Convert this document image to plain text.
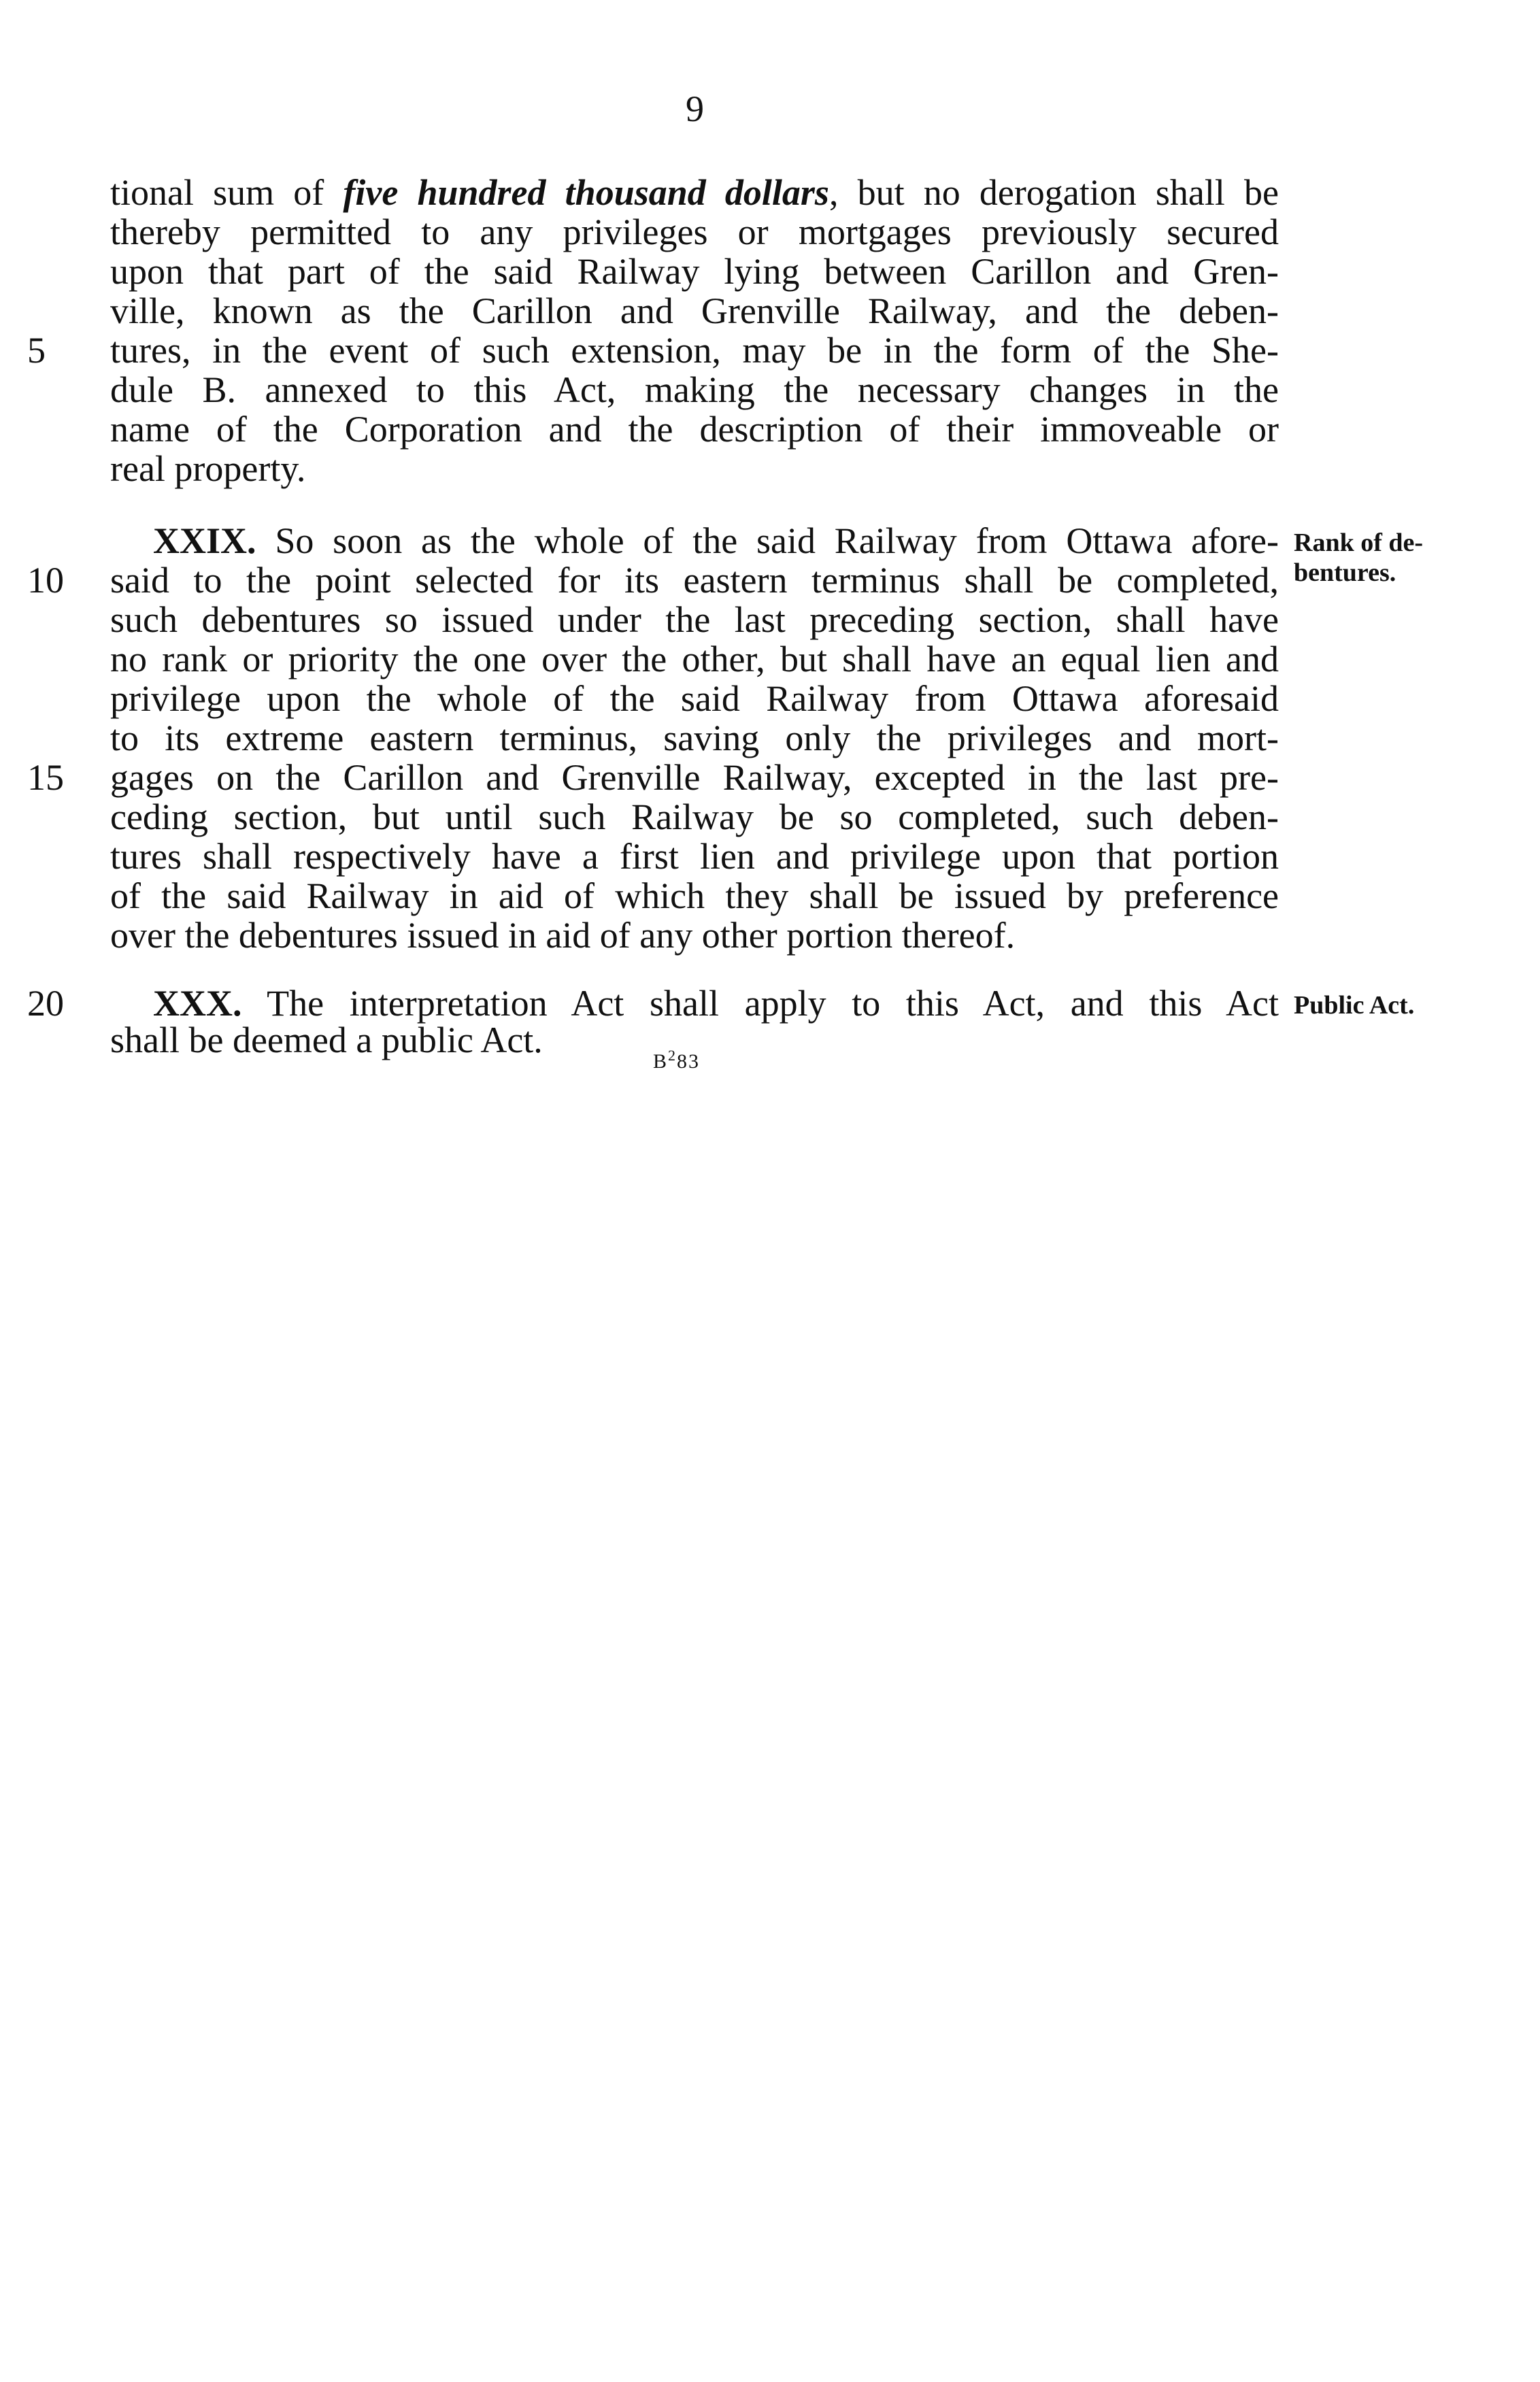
9
tional sum of five hundred thousand dollars, but no derogation shall be
thereby permitted to any privileges or mortgages previously secured
upon that part of the said Railway lying between Carillon and Gren-
ville, known as the Carillon and Grenville Railway, and the deben-
5	tures, in the event of such extension, may be in the form of the She-
dule B. annexed to this Act, making the necessary changes in the
name of the Corporation and the description of their immoveable or
real property.
XXIX. So soon as the whole of the said Railway from Ottawa afore- Rank of de-
10	said to the point selected for its eastern terminus shall be completed, bentures.
such debentures so issued under the last preceding section, shall have
no rank or priority the one over the other, but shall have an equal lien and
privilege upon the whole of the said Railway from Ottawa aforesaid
to its extreme eastern terminus, saving only the privileges and mort-
15	gages on the Carillon and Grenville Railway, excepted in the last pre-
ceding section, but until such Railway be so completed, such deben-
tures shall respectively have a first lien and privilege upon that portion
of the said Railway in aid of which they shall be issued by preference
over the debentures issued in aid of any other portion thereof.
20	XXX. The interpretation Act shall apply to this Act, and this Act Public Act.
shall be deemed a public Act.
$B^283$
